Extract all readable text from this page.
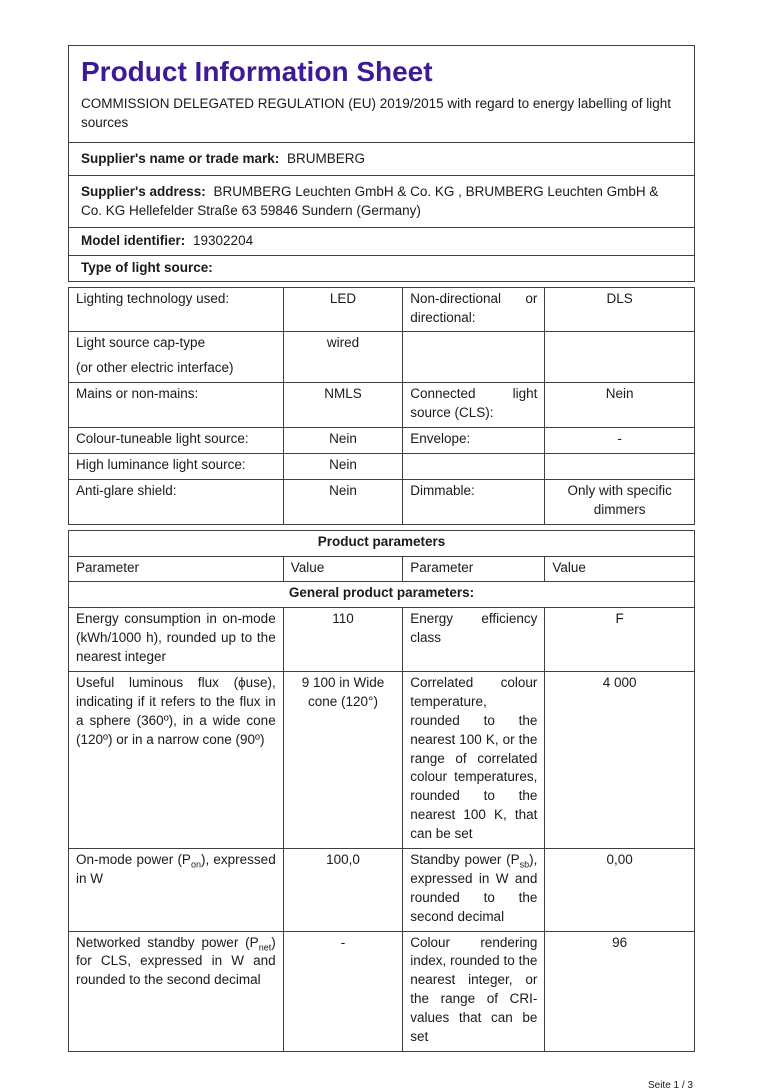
Product Information Sheet

COMMISSION DELEGATED REGULATION (EU) 2019/2015 with regard to energy labelling of light sources

Supplier's name or trade mark: BRUMBERG
Supplier's address: BRUMBERG Leuchten GmbH & Co. KG , BRUMBERG Leuchten GmbH & Co. KG Hellefelder Straße 63 59846 Sundern (Germany)
Model identifier: 19302204
Type of light source:
Lighting technology used:	LED	Non-directional or directional:	DLS

Light source cap-type
(or other electric interface)	wired		
Mains or non-mains:	NMLS	Connected light source (CLS):	Nein
Colour-tuneable light source:	Nein	Envelope:	-
High luminance light source:	Nein		
Anti-glare shield:	Nein	Dimmable:	Only with specific dimmers
Product parameters			
Parameter	Value	Parameter	Value
General product parameters:			
Energy consumption in on-mode (kWh/1000 h), rounded up to the nearest integer	110	Energy efficiency class	F
Useful luminous flux (ϕuse), indicating if it refers to the flux in a sphere (360º), in a wide cone (120º) or in a narrow cone (90º)	9 100 in Wide cone (120°)	Correlated colour temperature, rounded to the nearest 100 K, or the range of correlated colour temperatures, rounded to the nearest 100 K, that can be set	4 000
On-mode power $(P_{on})$, expressed in W	100,0	Standby power $(P_{sb})$, expressed in W and rounded to the second decimal	0,00
Networked standby power $(P_{net})$ for CLS, expressed in W and rounded to the second decimal	-	Colour rendering index, rounded to the nearest integer, or the range of CRI-values that can be set	96
Seite 1 / 3
